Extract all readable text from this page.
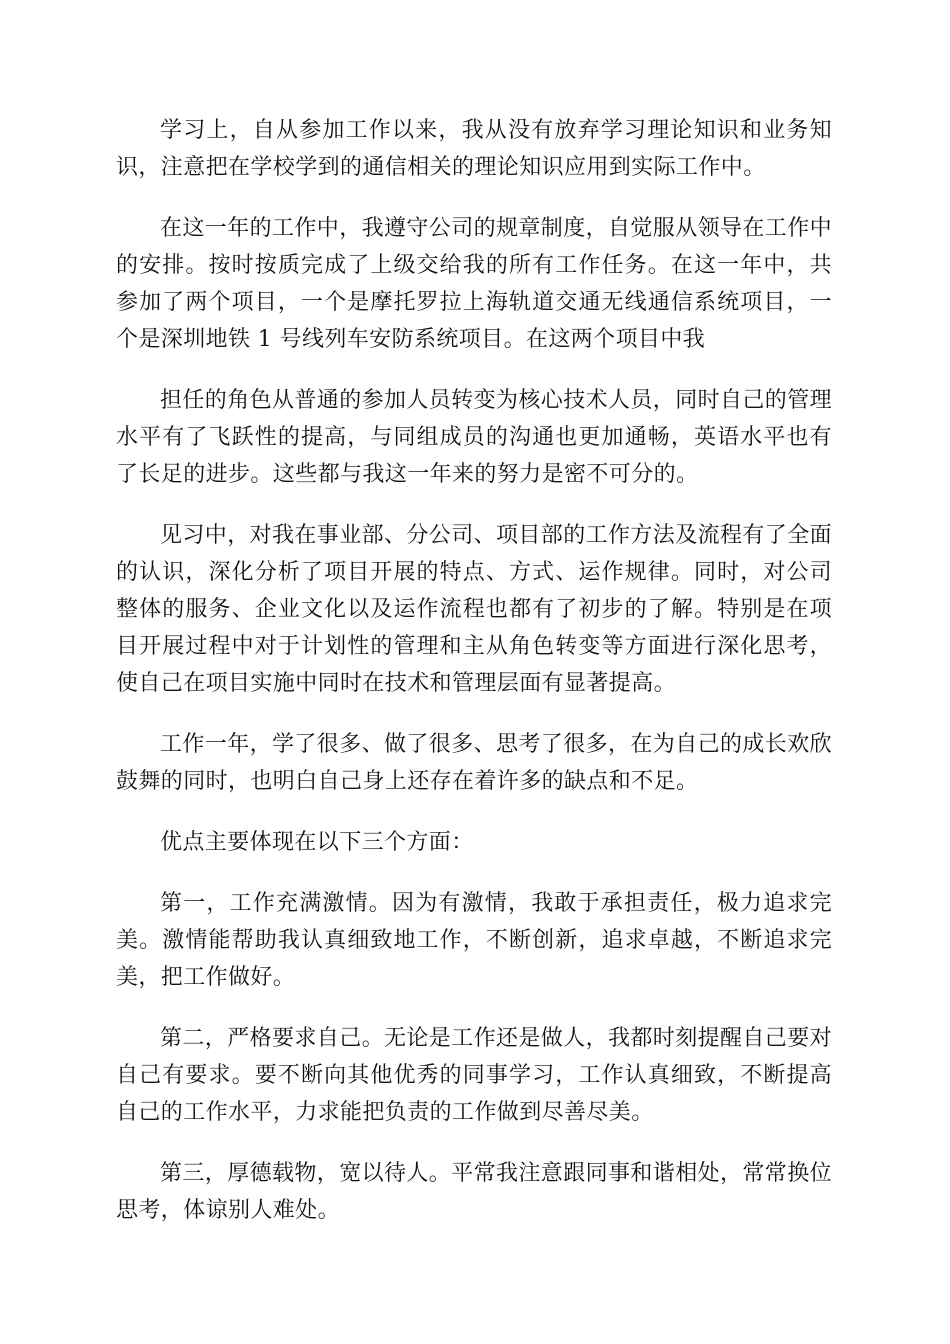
学习上，自从参加工作以来，我从没有放弃学习理论知识和业务知识，注意把在学校学到的通信相关的理论知识应用到实际工作中。

在这一年的工作中，我遵守公司的规章制度，自觉服从领导在工作中的安排。按时按质完成了上级交给我的所有工作任务。在这一年中，共参加了两个项目，一个是摩托罗拉上海轨道交通无线通信系统项目，一个是深圳地铁 1 号线列车安防系统项目。在这两个项目中我

担任的角色从普通的参加人员转变为核心技术人员，同时自己的管理水平有了飞跃性的提高，与同组成员的沟通也更加通畅，英语水平也有了长足的进步。这些都与我这一年来的努力是密不可分的。

见习中，对我在事业部、分公司、项目部的工作方法及流程有了全面的认识，深化分析了项目开展的特点、方式、运作规律。同时，对公司整体的服务、企业文化以及运作流程也都有了初步的了解。特别是在项目开展过程中对于计划性的管理和主从角色转变等方面进行深化思考，使自己在项目实施中同时在技术和管理层面有显著提高。

工作一年，学了很多、做了很多、思考了很多，在为自己的成长欢欣鼓舞的同时，也明白自己身上还存在着许多的缺点和不足。

优点主要体现在以下三个方面：

第一，工作充满激情。因为有激情，我敢于承担责任，极力追求完美。激情能帮助我认真细致地工作，不断创新，追求卓越，不断追求完美，把工作做好。

第二，严格要求自己。无论是工作还是做人，我都时刻提醒自己要对自己有要求。要不断向其他优秀的同事学习，工作认真细致，不断提高自己的工作水平，力求能把负责的工作做到尽善尽美。

第三，厚德载物，宽以待人。平常我注意跟同事和谐相处，常常换位思考，体谅别人难处。
